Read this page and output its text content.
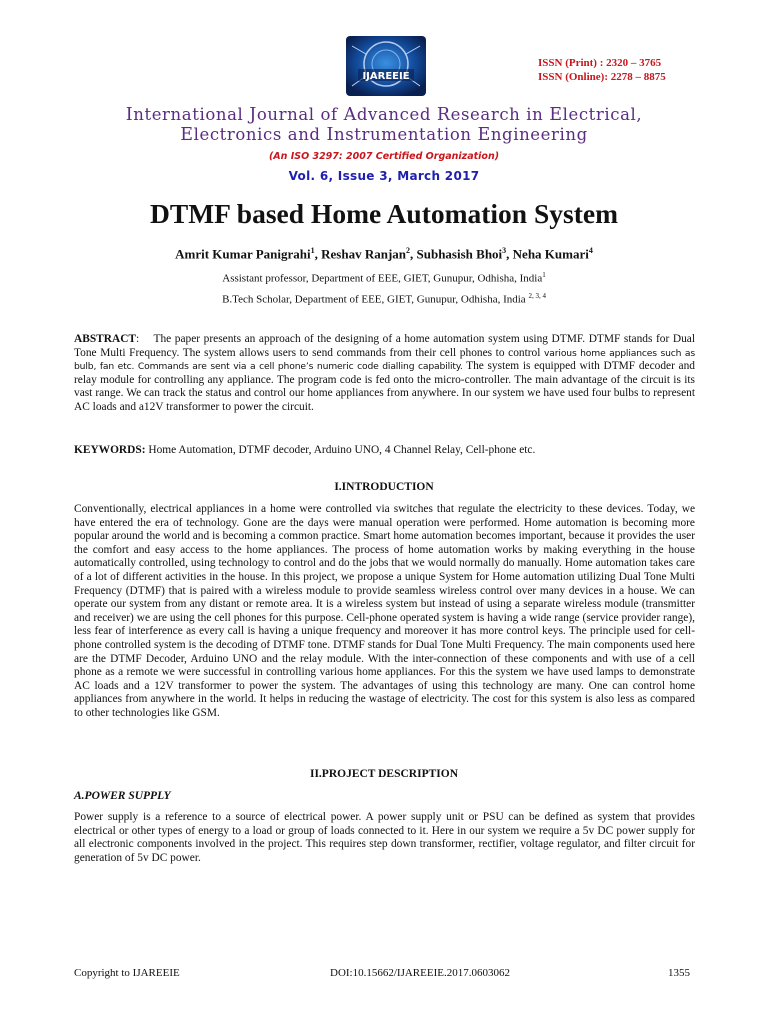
IJAREEIE
ISSN (Print) : 2320 – 3765
ISSN (Online): 2278 – 8875
International Journal of Advanced Research in Electrical,
Electronics and Instrumentation Engineering
(An ISO 3297: 2007 Certified Organization)
Vol. 6, Issue 3, March 2017
DTMF based Home Automation System
Amrit Kumar Panigrahi$^1$, Reshav Ranjan$^2$, Subhasish Bhoi$^3$, Neha Kumari$^4$
Assistant professor, Department of EEE, GIET, Gunupur, Odhisha, India$^1$
B.Tech Scholar, Department of EEE, GIET, Gunupur, Odhisha, India $^{2, 3, 4}$
ABSTRACT:    The paper presents an approach of the designing of a home automation system using DTMF. DTMF stands for Dual Tone Multi Frequency. The system allows users to send commands from their cell phones to control various home appliances such as bulb, fan etc. Commands are sent via a cell phone’s numeric code dialling capability. The system is equipped with DTMF decoder and relay module for controlling any appliance. The program code is fed onto the micro-controller. The main advantage of the circuit is its vast range. We can track the status and control our home appliances from anywhere. In our system we have used four bulbs to represent AC loads and a12V transformer to power the circuit.
KEYWORDS: Home Automation, DTMF decoder, Arduino UNO, 4 Channel Relay, Cell-phone etc.
I.INTRODUCTION
Conventionally, electrical appliances in a home were controlled via switches that regulate the electricity to these devices. Today, we have entered the era of technology. Gone are the days were manual operation were performed. Home automation is becoming more popular around the world and is becoming a common practice. Smart home automation becomes important, because it provides the user the comfort and easy access to the home appliances. The process of home automation works by making everything in the house automatically controlled, using technology to control and do the jobs that we would normally do manually. Home automation takes care of a lot of different activities in the house. In this project, we propose a unique System for Home automation utilizing Dual Tone Multi Frequency (DTMF) that is paired with a wireless module to provide seamless wireless control over many devices in a house. We can operate our system from any distant or remote area. It is a wireless system but instead of using a separate wireless module (transmitter and receiver) we are using the cell phones for this purpose. Cell-phone operated system is having a wide range (service provider range), less fear of interference as every call is having a unique frequency and moreover it has more control keys. The principle used for cell-phone controlled system is the decoding of DTMF tone. DTMF stands for Dual Tone Multi Frequency. The main components used here are the DTMF Decoder, Arduino UNO and the relay module. With the inter-connection of these components and with use of a cell phone as a remote we were successful in controlling various home appliances. For this the system we have used lamps to demonstrate AC loads and a 12V transformer to power the system. The advantages of using this technology are many. One can control home appliances from anywhere in the world. It helps in reducing the wastage of electricity. The cost for this system is also less as compared to other technologies like GSM.
II.PROJECT DESCRIPTION
A.POWER SUPPLY
Power supply is a reference to a source of electrical power. A power supply unit or PSU can be defined as system that provides electrical or other types of energy to a load or group of loads connected to it. Here in our system we require a 5v DC power supply for all electronic components involved in the project. This requires step down transformer, rectifier, voltage regulator, and filter circuit for generation of 5v DC power.
Copyright to IJAREEIE	DOI:10.15662/IJAREEIE.2017.0603062	1355
